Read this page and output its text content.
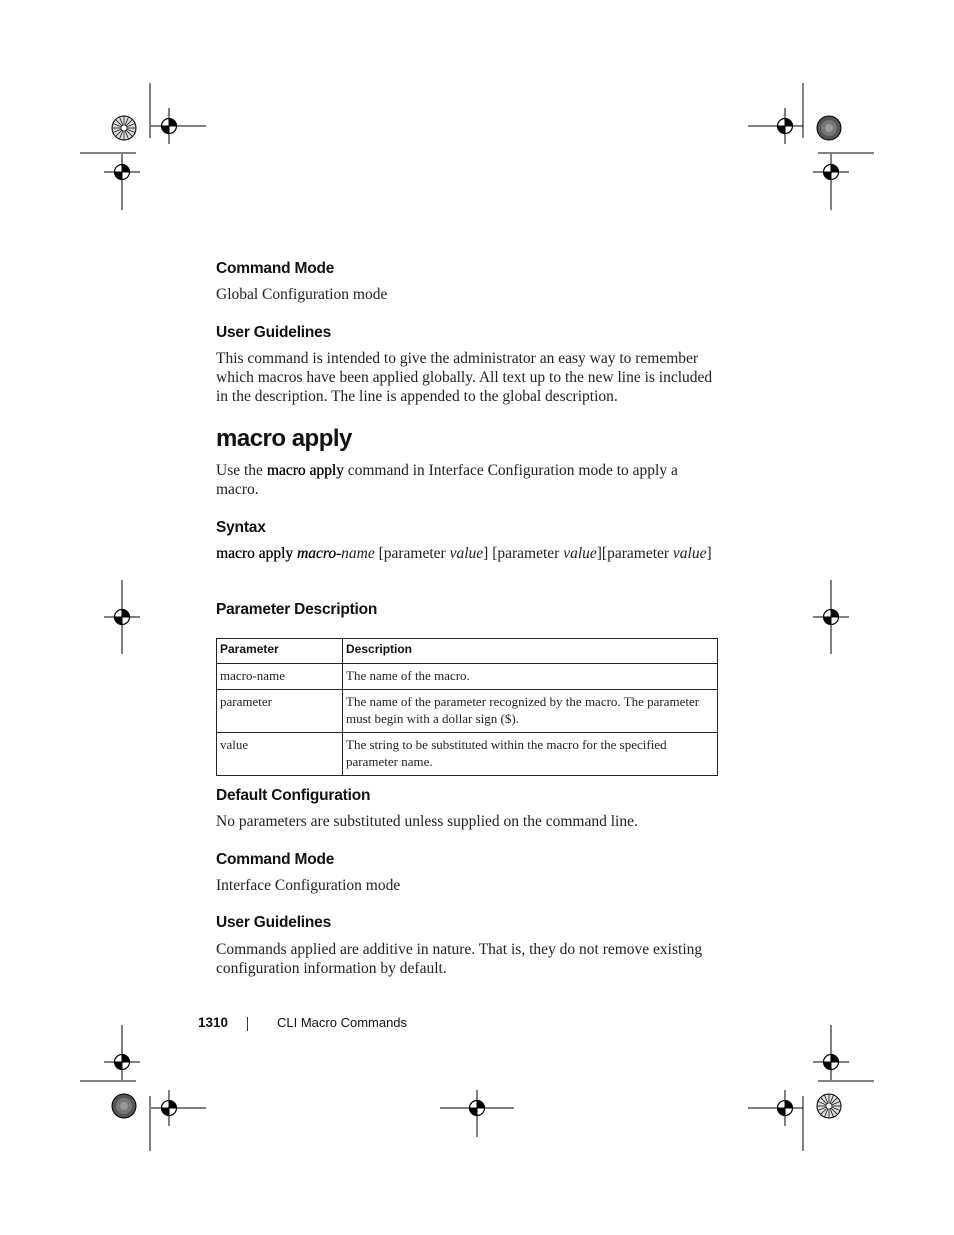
Command Mode
Global Configuration mode
User Guidelines
This command is intended to give the administrator an easy way to remember which macros have been applied globally. All text up to the new line is included in the description. The line is appended to the global description.
macro apply
Use the macro apply command in Interface Configuration mode to apply a macro.
Syntax
macro apply macro-name [parameter value] [parameter value][parameter value]
Parameter Description
Parameter	Description
macro-name	The name of the macro.
parameter	The name of the parameter recognized by the macro. The parameter must begin with a dollar sign ($).
value	The string to be substituted within the macro for the specified parameter name.
Default Configuration
No parameters are substituted unless supplied on the command line.
Command Mode
Interface Configuration mode
User Guidelines
Commands applied are additive in nature. That is, they do not remove existing configuration information by default.
1310	CLI Macro Commands
